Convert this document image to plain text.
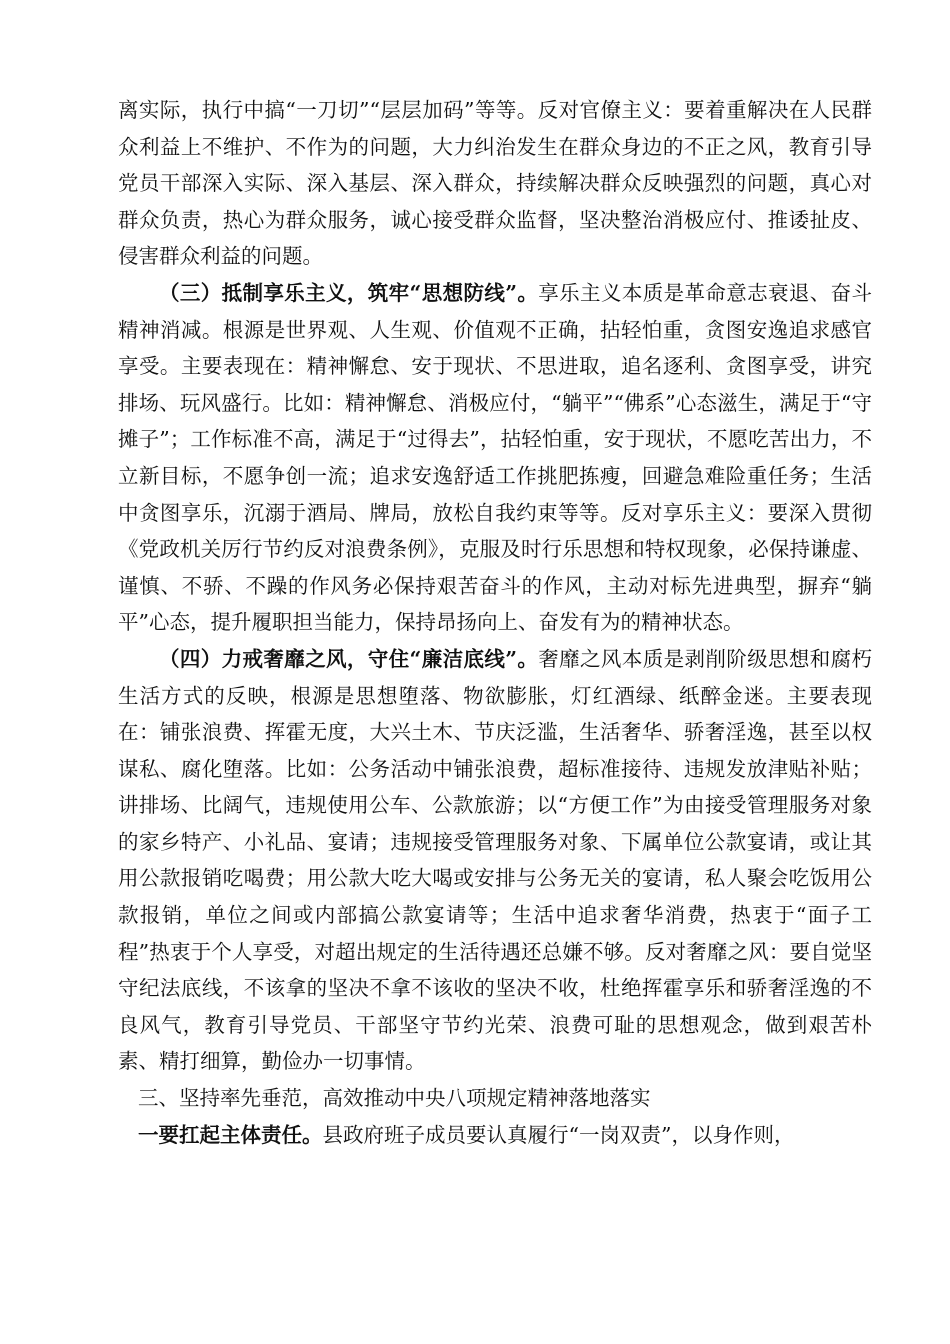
离实际，执行中搞“一刀切”“层层加码”等等。反对官僚主义：要着重解决在人民群众利益上不维护、不作为的问题，大力纠治发生在群众身边的不正之风，教育引导党员干部深入实际、深入基层、深入群众，持续解决群众反映强烈的问题，真心对群众负责，热心为群众服务，诚心接受群众监督，坚决整治消极应付、推诿扯皮、侵害群众利益的问题。

（三）抵制享乐主义，筑牢“思想防线”。享乐主义本质是革命意志衰退、奋斗精神消减。根源是世界观、人生观、价值观不正确，拈轻怕重，贪图安逸追求感官享受。主要表现在：精神懈怠、安于现状、不思进取，追名逐利、贪图享受，讲究排场、玩风盛行。比如：精神懈怠、消极应付，“躺平”“佛系”心态滋生，满足于“守摊子”；工作标准不高，满足于“过得去”，拈轻怕重，安于现状，不愿吃苦出力，不立新目标，不愿争创一流；追求安逸舒适工作挑肥拣瘦，回避急难险重任务；生活中贪图享乐，沉溺于酒局、牌局，放松自我约束等等。反对享乐主义：要深入贯彻《党政机关厉行节约反对浪费条例》，克服及时行乐思想和特权现象，必保持谦虚、谨慎、不骄、不躁的作风务必保持艰苦奋斗的作风，主动对标先进典型，摒弃“躺平”心态，提升履职担当能力，保持昂扬向上、奋发有为的精神状态。

（四）力戒奢靡之风，守住“廉洁底线”。奢靡之风本质是剥削阶级思想和腐朽生活方式的反映，根源是思想堕落、物欲膨胀，灯红酒绿、纸醉金迷。主要表现在：铺张浪费、挥霍无度，大兴土木、节庆泛滥，生活奢华、骄奢淫逸，甚至以权谋私、腐化堕落。比如：公务活动中铺张浪费，超标准接待、违规发放津贴补贴；讲排场、比阔气，违规使用公车、公款旅游；以“方便工作”为由接受管理服务对象的家乡特产、小礼品、宴请；违规接受管理服务对象、下属单位公款宴请，或让其用公款报销吃喝费；用公款大吃大喝或安排与公务无关的宴请，私人聚会吃饭用公款报销，单位之间或内部搞公款宴请等；生活中追求奢华消费，热衷于“面子工程”热衷于个人享受，对超出规定的生活待遇还总嫌不够。反对奢靡之风：要自觉坚守纪法底线，不该拿的坚决不拿不该收的坚决不收，杜绝挥霍享乐和骄奢淫逸的不良风气，教育引导党员、干部坚守节约光荣、浪费可耻的思想观念，做到艰苦朴素、精打细算，勤俭办一切事情。

三、坚持率先垂范，高效推动中央八项规定精神落地落实

一要扛起主体责任。县政府班子成员要认真履行“一岗双责”，以身作则，
